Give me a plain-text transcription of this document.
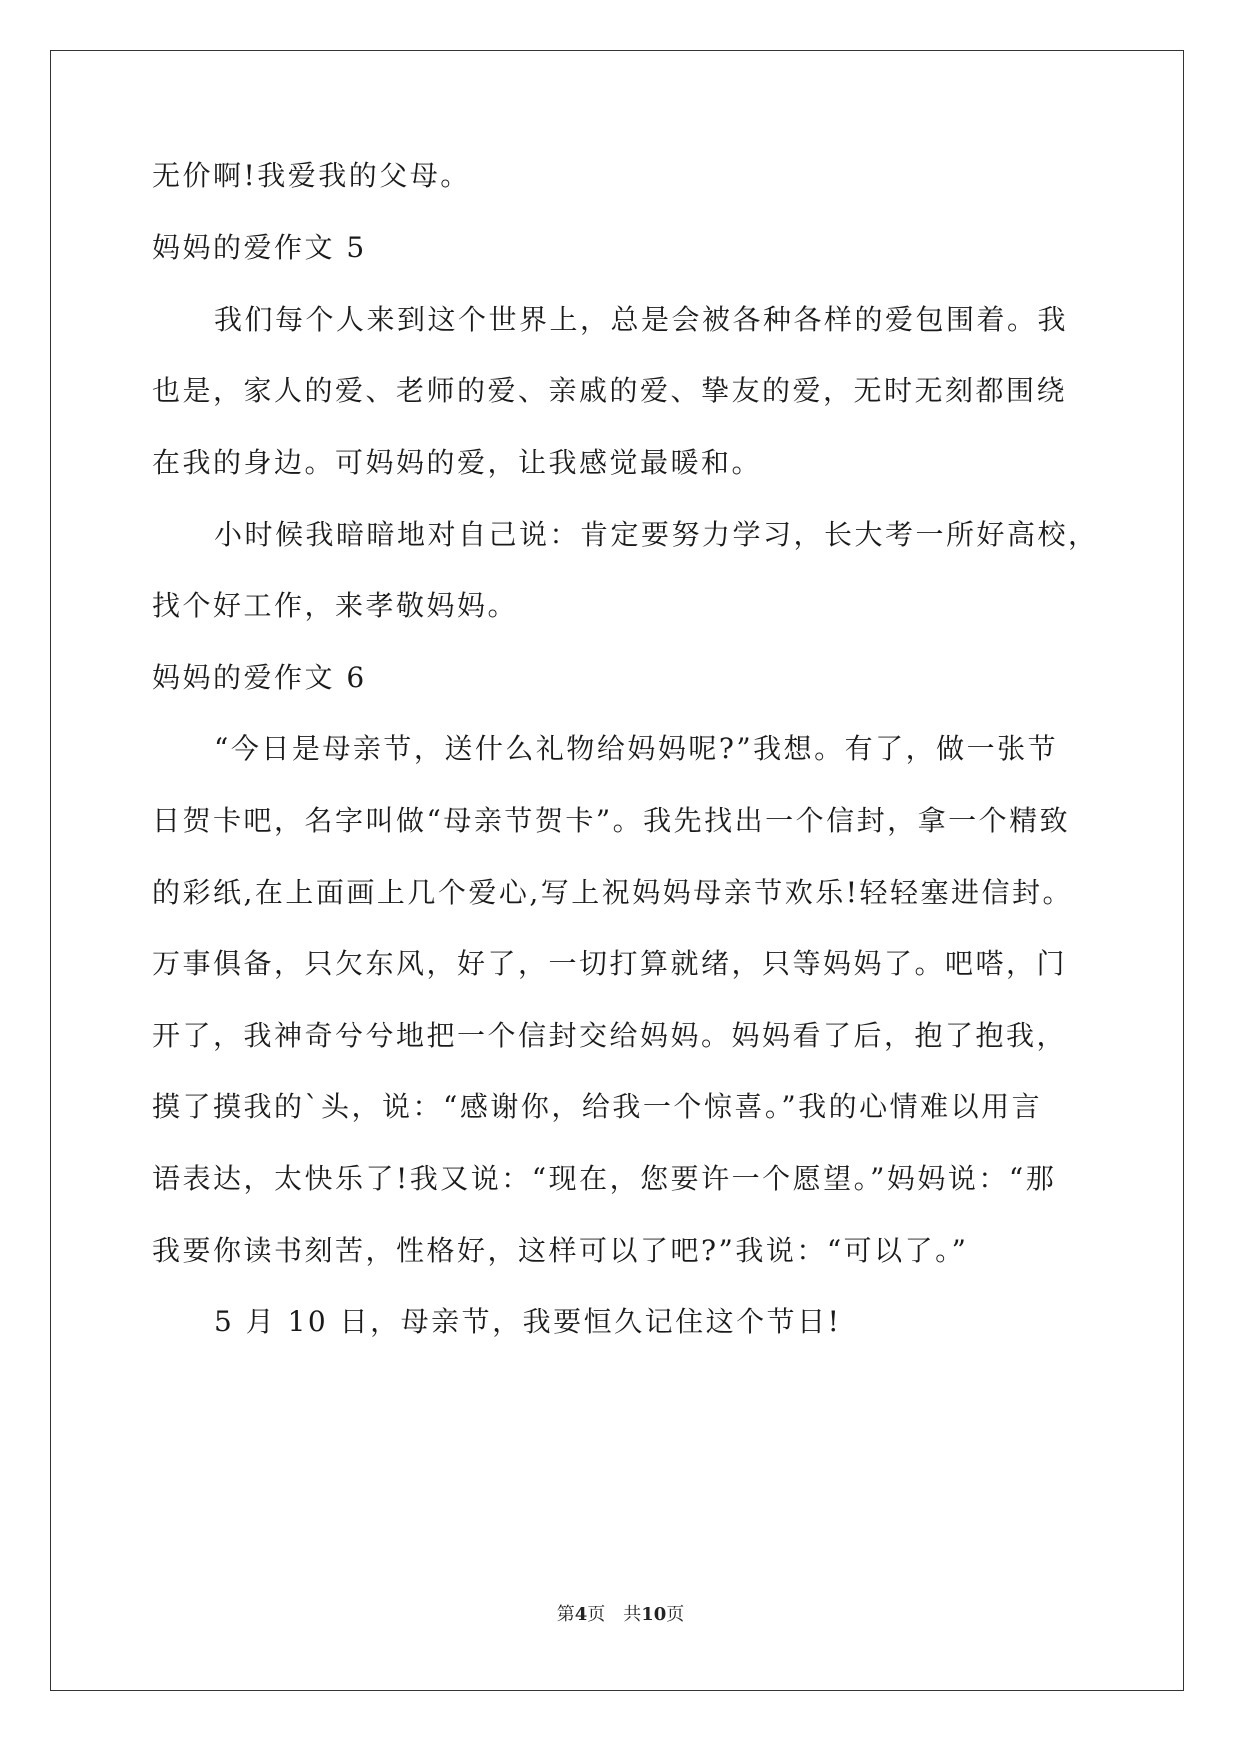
无价啊!我爱我的父母。
妈妈的爱作文 5
我们每个人来到这个世界上，总是会被各种各样的爱包围着。我
也是，家人的爱、老师的爱、亲戚的爱、挚友的爱，无时无刻都围绕
在我的身边。可妈妈的爱，让我感觉最暖和。
小时候我暗暗地对自己说：肯定要努力学习，长大考一所好高校，
找个好工作，来孝敬妈妈。
妈妈的爱作文 6
“今日是母亲节，送什么礼物给妈妈呢?”我想。有了，做一张节
日贺卡吧，名字叫做“母亲节贺卡”。我先找出一个信封，拿一个精致
的彩纸,在上面画上几个爱心,写上祝妈妈母亲节欢乐!轻轻塞进信封。
万事俱备，只欠东风，好了，一切打算就绪，只等妈妈了。吧嗒，门
开了，我神奇兮兮地把一个信封交给妈妈。妈妈看了后，抱了抱我，
摸了摸我的`头，说：“感谢你，给我一个惊喜。”我的心情难以用言
语表达，太快乐了!我又说：“现在，您要许一个愿望。”妈妈说：“那
我要你读书刻苦，性格好，这样可以了吧?”我说：“可以了。”
5 月 10 日，母亲节，我要恒久记住这个节日!
第4页 共10页
